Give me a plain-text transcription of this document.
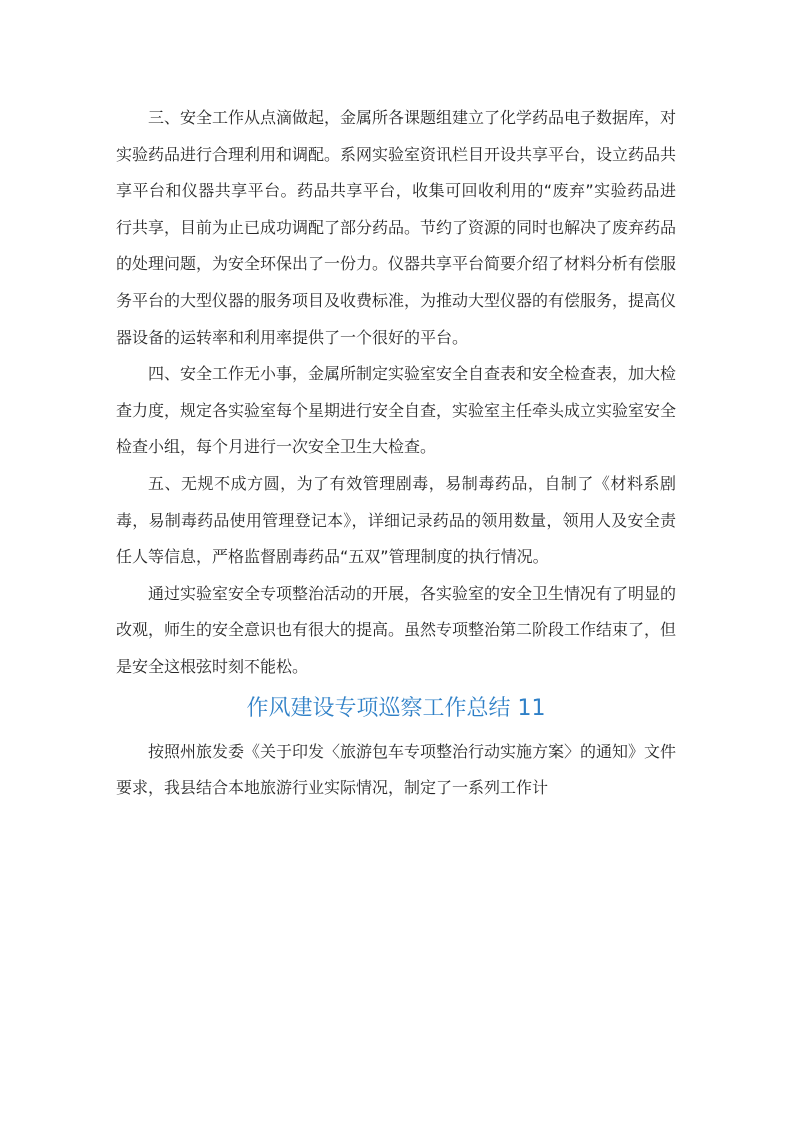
三、安全工作从点滴做起，金属所各课题组建立了化学药品电子数据库，对实验药品进行合理利用和调配。系网实验室资讯栏目开设共享平台，设立药品共享平台和仪器共享平台。药品共享平台，收集可回收利用的“废弃”实验药品进行共享，目前为止已成功调配了部分药品。节约了资源的同时也解决了废弃药品的处理问题，为安全环保出了一份力。仪器共享平台简要介绍了材料分析有偿服务平台的大型仪器的服务项目及收费标准，为推动大型仪器的有偿服务，提高仪器设备的运转率和利用率提供了一个很好的平台。

四、安全工作无小事，金属所制定实验室安全自查表和安全检查表，加大检查力度，规定各实验室每个星期进行安全自查，实验室主任牵头成立实验室安全检查小组，每个月进行一次安全卫生大检查。

五、无规不成方圆，为了有效管理剧毒，易制毒药品，自制了《材料系剧毒，易制毒药品使用管理登记本》，详细记录药品的领用数量，领用人及安全责任人等信息，严格监督剧毒药品“五双”管理制度的执行情况。

通过实验室安全专项整治活动的开展，各实验室的安全卫生情况有了明显的改观，师生的安全意识也有很大的提高。虽然专项整治第二阶段工作结束了，但是安全这根弦时刻不能松。

作风建设专项巡察工作总结 11

按照州旅发委《关于印发〈旅游包车专项整治行动实施方案〉的通知》文件要求，我县结合本地旅游行业实际情况，制定了一系列工作计
